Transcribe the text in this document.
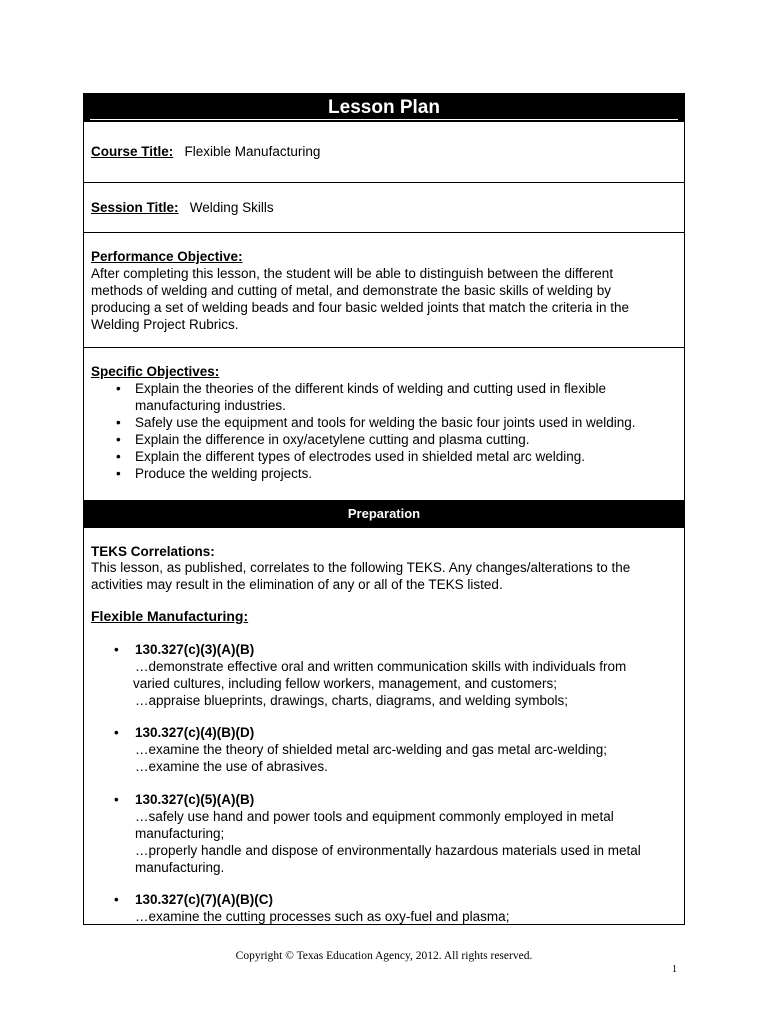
Lesson Plan
Course Title: Flexible Manufacturing
Session Title: Welding Skills
Performance Objective:
After completing this lesson, the student will be able to distinguish between the different
methods of welding and cutting of metal, and demonstrate the basic skills of welding by
producing a set of welding beads and four basic welded joints that match the criteria in the
Welding Project Rubrics.
Specific Objectives:
• Explain the theories of the different kinds of welding and cutting used in flexible
manufacturing industries.
• Safely use the equipment and tools for welding the basic four joints used in welding.
• Explain the difference in oxy/acetylene cutting and plasma cutting.
• Explain the different types of electrodes used in shielded metal arc welding.
• Produce the welding projects.
Preparation
TEKS Correlations:
This lesson, as published, correlates to the following TEKS. Any changes/alterations to the
activities may result in the elimination of any or all of the TEKS listed.
Flexible Manufacturing:
• 130.327(c)(3)(A)(B)
…demonstrate effective oral and written communication skills with individuals from
varied cultures, including fellow workers, management, and customers;
…appraise blueprints, drawings, charts, diagrams, and welding symbols;
• 130.327(c)(4)(B)(D)
…examine the theory of shielded metal arc-welding and gas metal arc-welding;
…examine the use of abrasives.
• 130.327(c)(5)(A)(B)
…safely use hand and power tools and equipment commonly employed in metal
manufacturing;
…properly handle and dispose of environmentally hazardous materials used in metal
manufacturing.
• 130.327(c)(7)(A)(B)(C)
…examine the cutting processes such as oxy-fuel and plasma;
Copyright © Texas Education Agency, 2012. All rights reserved.
1
